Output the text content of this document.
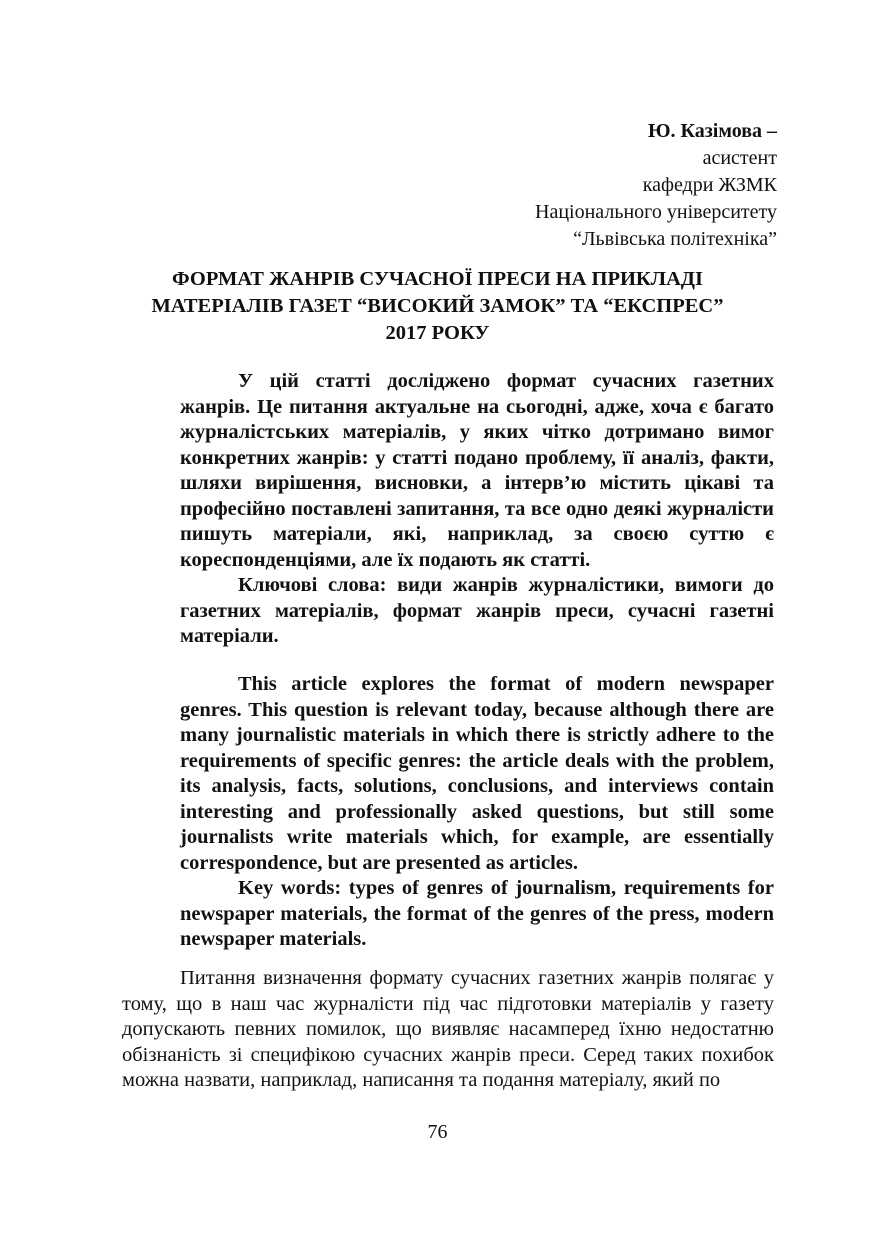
Ю. Казімова –
асистент
кафедри ЖЗМК
Національного університету
“Львівська політехніка”
ФОРМАТ ЖАНРІВ СУЧАСНОЇ ПРЕСИ НА ПРИКЛАДІ
МАТЕРІАЛІВ ГАЗЕТ “ВИСОКИЙ ЗАМОК” ТА “ЕКСПРЕС”
2017 РОКУ

У цій статті досліджено формат сучасних газетних жанрів. Це питання актуальне на сьогодні, адже, хоча є багато журналістських матеріалів, у яких чітко дотримано вимог конкретних жанрів: у статті подано проблему, її аналіз, факти, шляхи вирішення, висновки, а інтерв’ю містить цікаві та професійно поставлені запитання, та все одно деякі журналісти пишуть матеріали, які, наприклад, за своєю суттю є кореспонденціями, але їх подають як статті.

Ключові слова: види жанрів журналістики, вимоги до газетних матеріалів, формат жанрів преси, сучасні газетні матеріали.

This article explores the format of modern newspaper genres. This question is relevant today, because although there are many journalistic materials in which there is strictly adhere to the requirements of specific genres: the article deals with the problem, its analysis, facts, solutions, conclusions, and interviews contain interesting and professionally asked questions, but still some journalists write materials which, for example, are essentially correspondence, but are presented as articles.

Key words: types of genres of journalism, requirements for newspaper materials, the format of the genres of the press, modern newspaper materials.

Питання визначення формату сучасних газетних жанрів полягає у тому, що в наш час журналісти під час підготовки матеріалів у газету допускають певних помилок, що виявляє насамперед їхню недостатню обізнаність зі специфікою сучасних жанрів преси. Серед таких похибок можна назвати, наприклад, написання та подання матеріалу, який по

76
